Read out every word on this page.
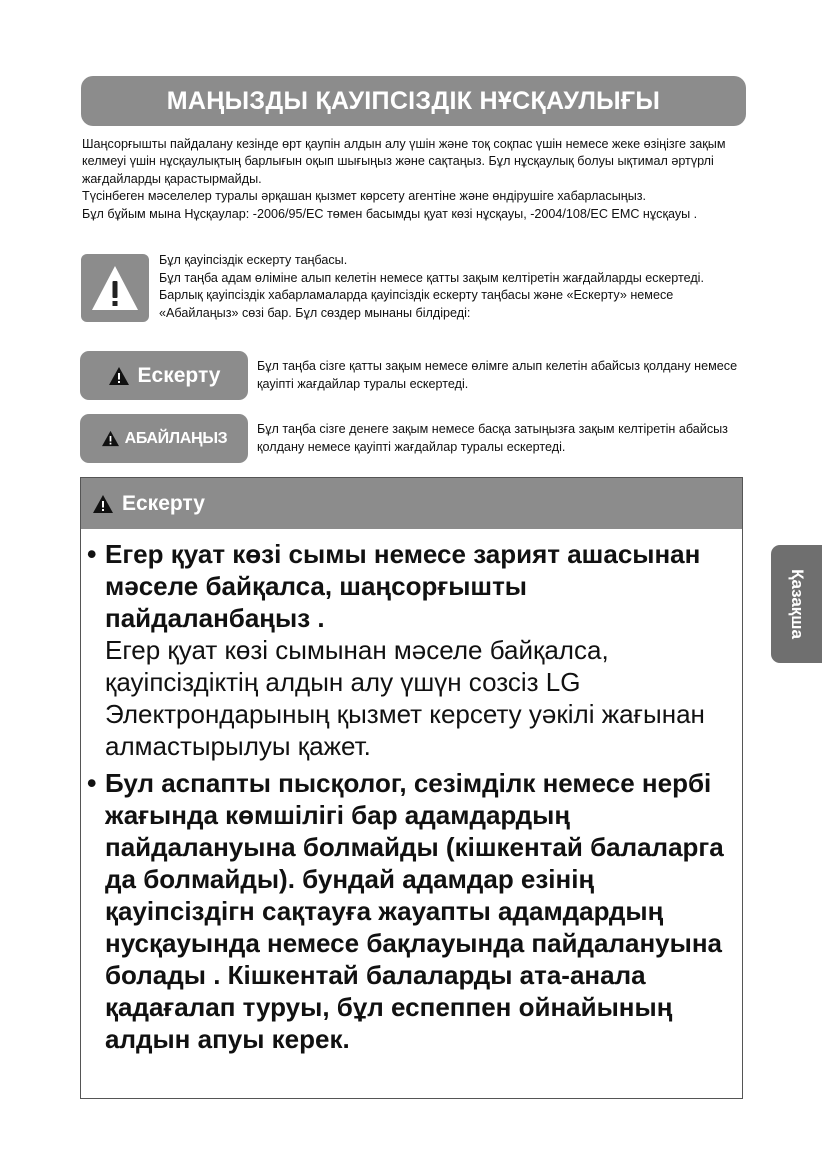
МАҢЫЗДЫ ҚАУІПСІЗДІК НҰСҚАУЛЫҒЫ

Шаңсорғышты пайдалану кезінде өрт қаупін алдын алу үшін және тоқ соқпас үшін немесе жеке өзіңізге зақым келмеуі үшін нұсқаулықтың барлығын оқып шығыңыз және сақтаңыз. Бұл нұсқаулық болуы ықтимал әртүрлі жағдайларды қарастырмайды.

Түсінбеген мәселелер туралы әрқашан қызмет көрсету агентіне және өндірушіге хабарласыңыз.

Бұл бұйым мына Нұсқаулар: -2006/95/EC төмен басымды қуат көзі нұсқауы, -2004/108/EC EMC нұсқауы .

Бұл қауіпсіздік ескерту таңбасы.

Бұл таңба адам өліміне алып келетін немесе қатты зақым келтіретін жағдайларды ескертеді.

Барлық қауіпсіздік хабарламаларда қауіпсіздік ескерту таңбасы және «Ескерту» немесе «Абайлаңыз» сөзі бар. Бұл сөздер мынаны білдіреді:

Ескерту	Бұл таңба сізге қатты зақым немесе өлімге алып келетін абайсыз қолдану немесе қауіпті жағдайлар туралы ескертеді.
АБАЙЛАҢЫЗ
Бұл таңба сізге денеге зақым немесе басқа затыңызға зақым келтіретін абайсыз қолдану немесе қауіпті жағдайлар туралы ескертеді.
Ескерту
• Егер қуат көзі сымы немесе зарият ашасынан мәселе байқалса, шаңсорғышты пайдаланбаңыз .

Егер қуат көзі сымынан мәселе байқалса, қауіпсіздіктің алдын алу үшүн созсіз LG Электрондарының қызмет керсету уәкілі жағынан алмастырылуы қажет.

• Бул аспапты пысқолог, сезімділк немесе нербі жағында көмшілігі бар адамдардың пайдалануына болмайды (кішкентай балаларга да болмайды). бундай адамдар езінің қауіпсіздігн сақтауға жауапты адамдардың нусқауында немесе бақлауында пайдалануына болады . Кішкентай балаларды ата-анала қадағалап туруы, бұл есп​еппен ойнайының алдын апуы керек.

Қазақша
